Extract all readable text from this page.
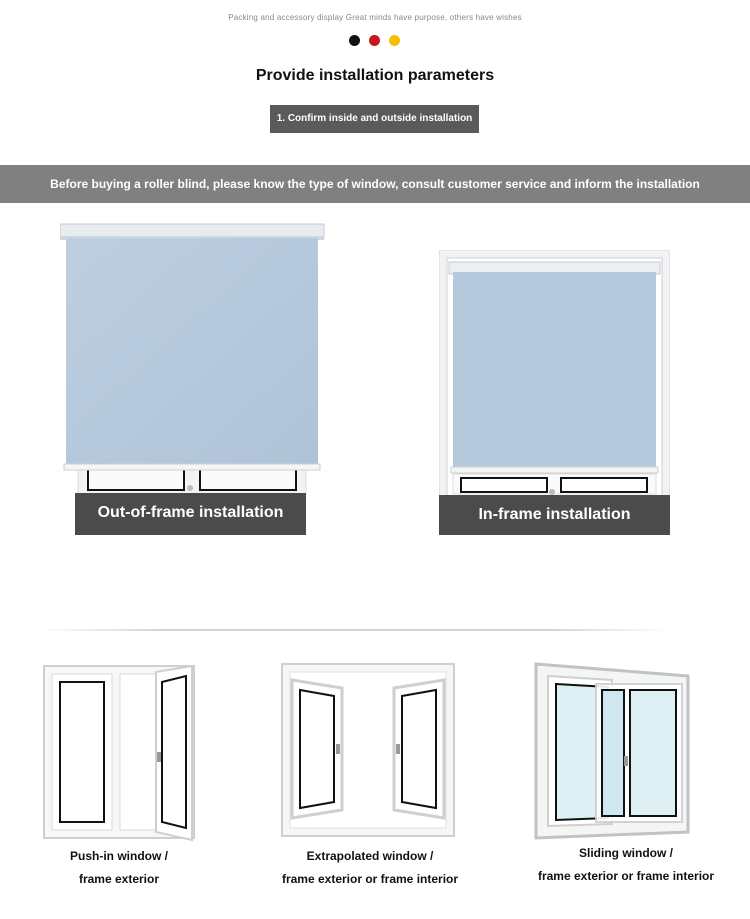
Packing and accessory display Great minds have purpose, others have wishes
Provide installation parameters
1. Confirm inside and outside installation
Before buying a roller blind, please know the type of window, consult customer service and inform the installation
Out-of-frame installation	In-frame installation
Push-in window /
frame exterior
Extrapolated window /
frame exterior or frame interior
Sliding window /
frame exterior or frame interior
